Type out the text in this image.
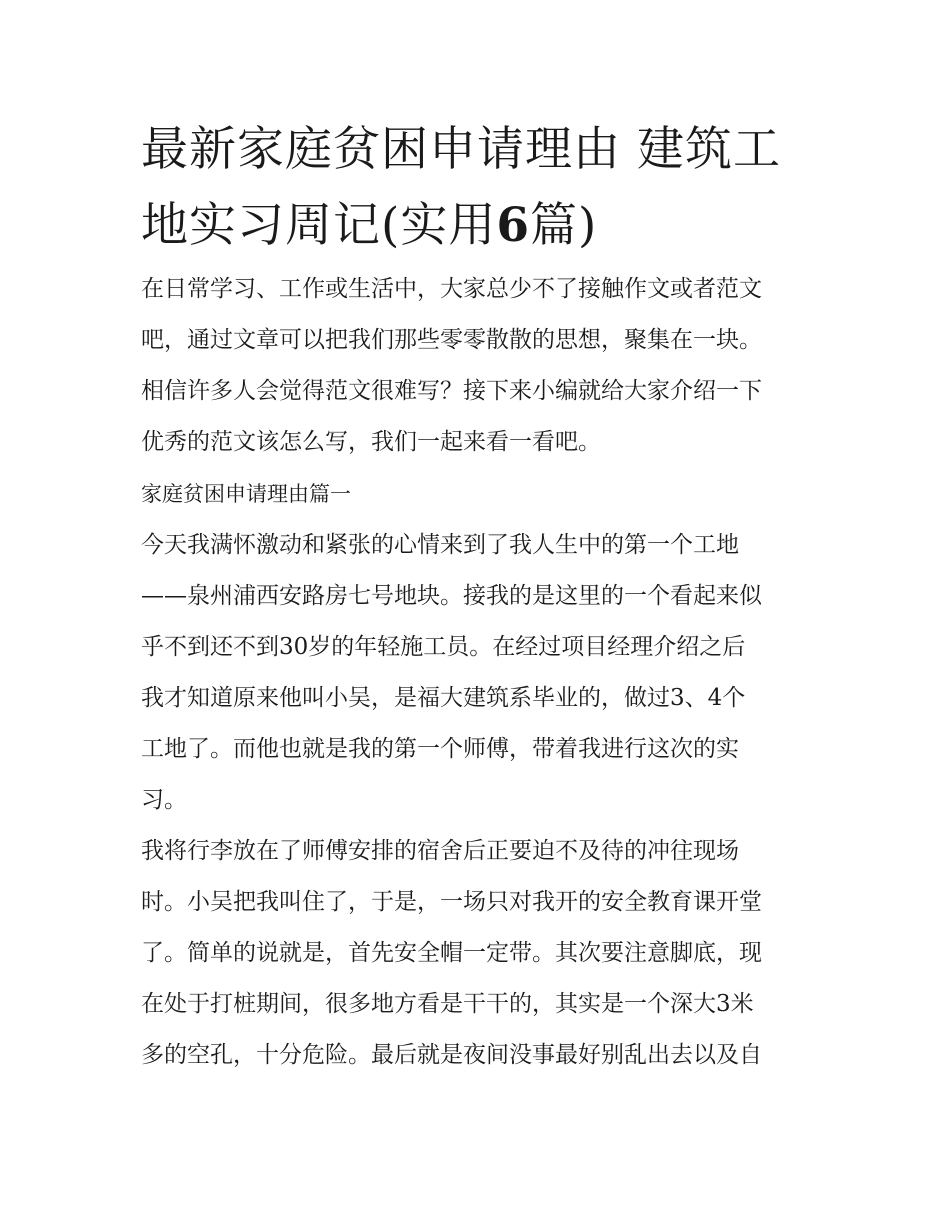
最新家庭贫困申请理由 建筑工
地实习周记(实用6篇)

在日常学习、工作或生活中，大家总少不了接触作文或者范文
吧，通过文章可以把我们那些零零散散的思想，聚集在一块。
相信许多人会觉得范文很难写？接下来小编就给大家介绍一下
优秀的范文该怎么写，我们一起来看一看吧。

家庭贫困申请理由篇一

今天我满怀激动和紧张的心情来到了我人生中的第一个工地
——泉州浦西安路房七号地块。接我的是这里的一个看起来似
乎不到还不到30岁的年轻施工员。在经过项目经理介绍之后
我才知道原来他叫小吴，是福大建筑系毕业的，做过3、4个
工地了。而他也就是我的第一个师傅，带着我进行这次的实
习。

我将行李放在了师傅安排的宿舍后正要迫不及待的冲往现场
时。小吴把我叫住了，于是，一场只对我开的安全教育课开堂
了。简单的说就是，首先安全帽一定带。其次要注意脚底，现
在处于打桩期间，很多地方看是干干的，其实是一个深大3米
多的空孔，十分危险。最后就是夜间没事最好别乱出去以及自
